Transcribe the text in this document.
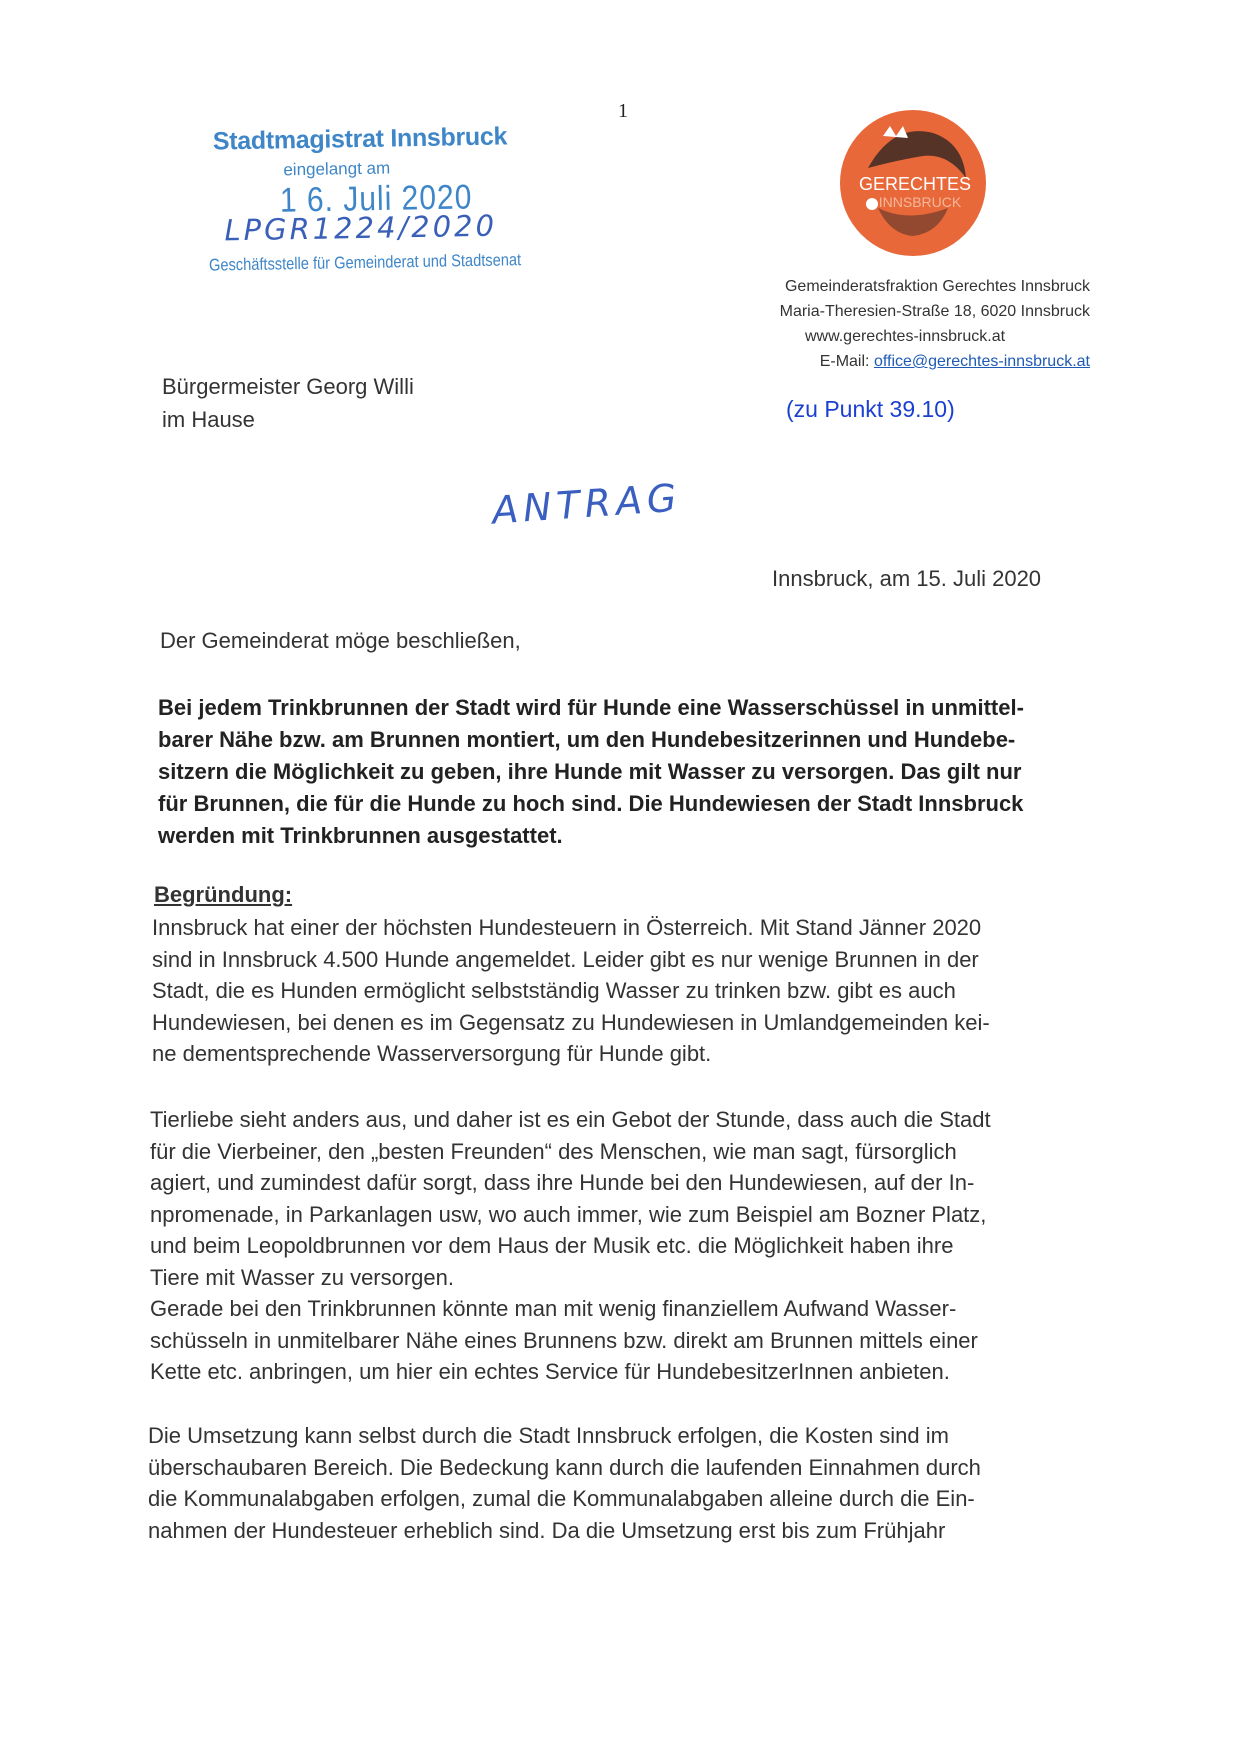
1
Stadtmagistrat Innsbruck
eingelangt am
1 6. Juli 2020
LPGR1224/2020
Geschäftsstelle für Gemeinderat und Stadtsenat
GERECHTES
INNSBRUCK
Gemeinderatsfraktion Gerechtes Innsbruck
Maria-Theresien-Straße 18, 6020 Innsbruck
www.gerechtes-innsbruck.at
E-Mail: office@gerechtes-innsbruck.at
(zu Punkt 39.10)
Bürgermeister Georg Willi
im Hause
ANTRAG
Innsbruck, am 15. Juli 2020
Der Gemeinderat möge beschließen,
Bei jedem Trinkbrunnen der Stadt wird für Hunde eine Wasserschüssel in unmittel-
barer Nähe bzw. am Brunnen montiert, um den Hundebesitzerinnen und Hundebe-
sitzern die Möglichkeit zu geben, ihre Hunde mit Wasser zu versorgen. Das gilt nur
für Brunnen, die für die Hunde zu hoch sind. Die Hundewiesen der Stadt Innsbruck
werden mit Trinkbrunnen ausgestattet.
Begründung:
Innsbruck hat einer der höchsten Hundesteuern in Österreich. Mit Stand Jänner 2020
sind in Innsbruck 4.500 Hunde angemeldet. Leider gibt es nur wenige Brunnen in der
Stadt, die es Hunden ermöglicht selbstständig Wasser zu trinken bzw. gibt es auch
Hundewiesen, bei denen es im Gegensatz zu Hundewiesen in Umlandgemeinden kei-
ne dementsprechende Wasserversorgung für Hunde gibt.
Tierliebe sieht anders aus, und daher ist es ein Gebot der Stunde, dass auch die Stadt
für die Vierbeiner, den „besten Freunden“ des Menschen, wie man sagt, fürsorglich
agiert, und zumindest dafür sorgt, dass ihre Hunde bei den Hundewiesen, auf der In-
npromenade, in Parkanlagen usw, wo auch immer, wie zum Beispiel am Bozner Platz,
und beim Leopoldbrunnen vor dem Haus der Musik etc. die Möglichkeit haben ihre
Tiere mit Wasser zu versorgen.
Gerade bei den Trinkbrunnen könnte man mit wenig finanziellem Aufwand Wasser-
schüsseln in unmitelbarer Nähe eines Brunnens bzw. direkt am Brunnen mittels einer
Kette etc. anbringen, um hier ein echtes Service für HundebesitzerInnen anbieten.
Die Umsetzung kann selbst durch die Stadt Innsbruck erfolgen, die Kosten sind im
überschaubaren Bereich. Die Bedeckung kann durch die laufenden Einnahmen durch
die Kommunalabgaben erfolgen, zumal die Kommunalabgaben alleine durch die Ein-
nahmen der Hundesteuer erheblich sind. Da die Umsetzung erst bis zum Frühjahr
